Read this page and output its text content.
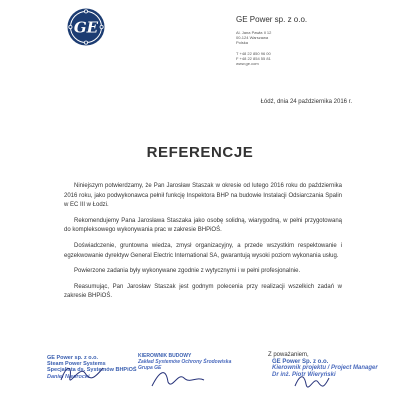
GE	GE Power sp. z o.o.
Al. Jana Pawła II 12
00-124 Warszawa
Polska
T +48 22 850 96 00
F +48 22 854 55 81
www.ge.com
Łódź, dnia 24 października 2016 r.
REFERENCJE

Niniejszym potwierdzamy, że Pan Jarosław Staszak w okresie od lutego 2016 roku do października 2016 roku, jako podwykonawca pełnił funkcję Inspektora BHP na budowie Instalacji Odsiarczania Spalin w EC III w Łodzi.

Rekomendujemy Pana Jarosława Staszaka jako osobę solidną, wiarygodną, w pełni przygotowaną do kompleksowego wykonywania prac w zakresie BHPiOŚ.

Doświadczenie, gruntowna wiedza, zmysł organizacyjny, a przede wszystkim respektowanie i egzekwowanie dyrektyw General Electric International SA, gwarantują wysoki poziom wykonania usług.

Powierzone zadania były wykonywane zgodnie z wytycznymi i w pełni profesjonalnie.

Reasumując, Pan Jarosław Staszak jest godnym polecenia przy realizacji wszelkich zadań w zakresie BHPiOŚ.

GE Power sp. z o.o.
Steam Power Systems
Specjalista ds. Systemów BHPiOŚ
Daniel Nawrocki
KIEROWNIK BUDOWY
Zakład Systemów Ochrony Środowiska
Grupa GE
Z poważaniem,
GE Power Sp. z o.o.
Kierownik projektu / Project Manager
Dr inż. Piotr Wieryński
